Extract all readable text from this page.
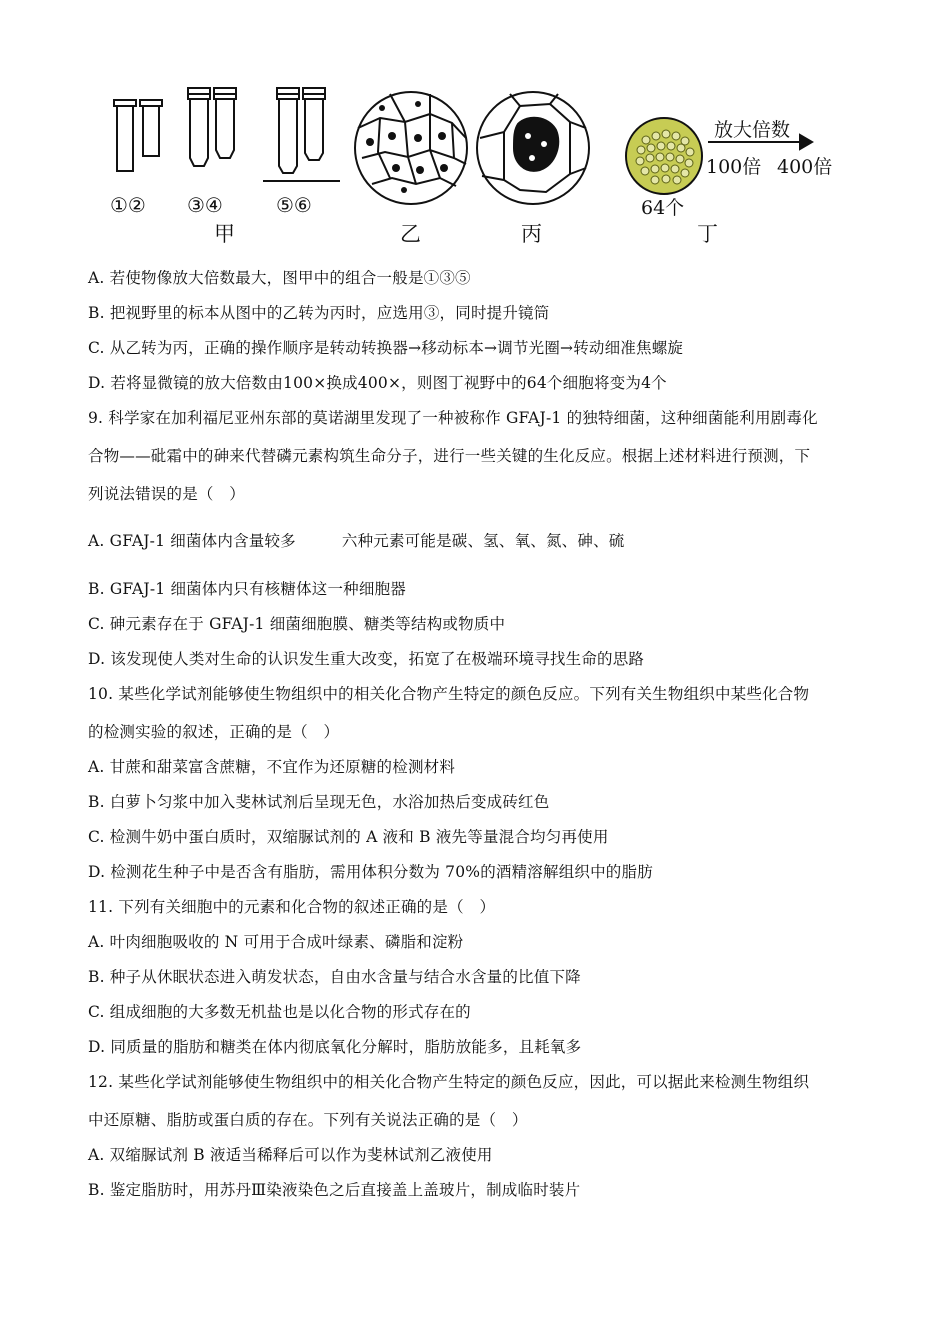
①② ③④	⑤⑥
甲	乙	丙	丁
放大倍数
100倍 400倍
64个
A. 若使物像放大倍数最大，图甲中的组合一般是①③⑤
B. 把视野里的标本从图中的乙转为丙时，应选用③，同时提升镜筒
C. 从乙转为丙，正确的操作顺序是转动转换器→移动标本→调节光圈→转动细准焦螺旋
D. 若将显微镜的放大倍数由100×换成400×，则图丁视野中的64个细胞将变为4个
9. 科学家在加利福尼亚州东部的莫诺湖里发现了一种被称作 GFAJ-1 的独特细菌，这种细菌能利用剧毒化
合物——砒霜中的砷来代替磷元素构筑生命分子，进行一些关键的生化反应。根据上述材料进行预测，下
列说法错误的是（　）
A. GFAJ-1 细菌体内含量较多	六种元素可能是碳、氢、氧、氮、砷、硫
B. GFAJ-1 细菌体内只有核糖体这一种细胞器
C. 砷元素存在于 GFAJ-1 细菌细胞膜、糖类等结构或物质中
D. 该发现使人类对生命的认识发生重大改变，拓宽了在极端环境寻找生命的思路
10. 某些化学试剂能够使生物组织中的相关化合物产生特定的颜色反应。下列有关生物组织中某些化合物
的检测实验的叙述，正确的是（　）
A. 甘蔗和甜菜富含蔗糖，不宜作为还原糖的检测材料
B. 白萝卜匀浆中加入斐林试剂后呈现无色，水浴加热后变成砖红色
C. 检测牛奶中蛋白质时，双缩脲试剂的 A 液和 B 液先等量混合均匀再使用
D. 检测花生种子中是否含有脂肪，需用体积分数为 70%的酒精溶解组织中的脂肪
11. 下列有关细胞中的元素和化合物的叙述正确的是（　）
A. 叶肉细胞吸收的 N 可用于合成叶绿素、磷脂和淀粉
B. 种子从休眠状态进入萌发状态，自由水含量与结合水含量的比值下降
C. 组成细胞的大多数无机盐也是以化合物的形式存在的
D. 同质量的脂肪和糖类在体内彻底氧化分解时，脂肪放能多，且耗氧多
12. 某些化学试剂能够使生物组织中的相关化合物产生特定的颜色反应，因此，可以据此来检测生物组织
中还原糖、脂肪或蛋白质的存在。下列有关说法正确的是（　）
A. 双缩脲试剂 B 液适当稀释后可以作为斐林试剂乙液使用
B. 鉴定脂肪时，用苏丹Ⅲ染液染色之后直接盖上盖玻片，制成临时装片
